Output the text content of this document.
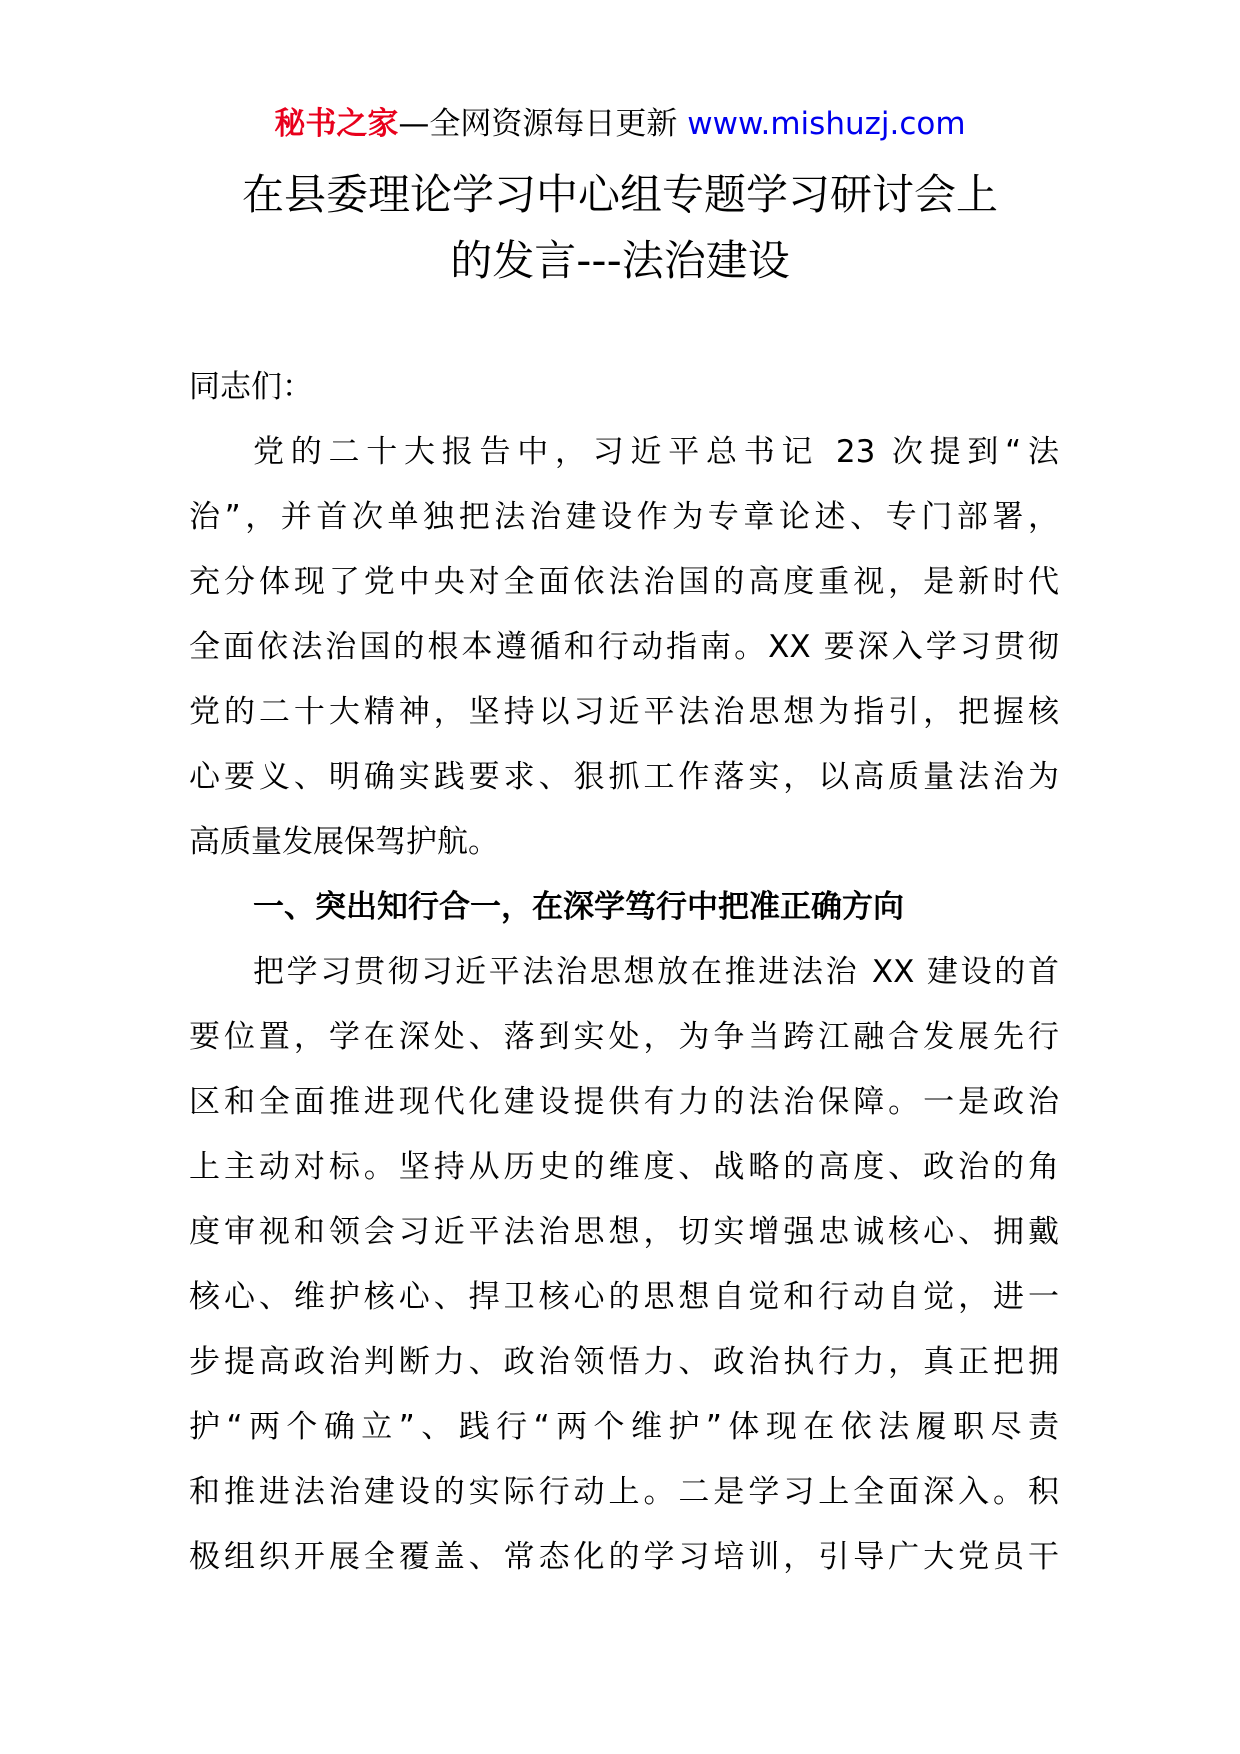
秘书之家—全网资源每日更新 www.mishuzj.com
在县委理论学习中心组专题学习研讨会上
的发言---法治建设
同志们：
党的二十大报告中，习近平总书记 23 次提到“法
治”，并首次单独把法治建设作为专章论述、专门部署，
充分体现了党中央对全面依法治国的高度重视，是新时代
全面依法治国的根本遵循和行动指南。XX 要深入学习贯彻
党的二十大精神，坚持以习近平法治思想为指引，把握核
心要义、明确实践要求、狠抓工作落实，以高质量法治为
高质量发展保驾护航。
一、突出知行合一，在深学笃行中把准正确方向
把学习贯彻习近平法治思想放在推进法治 XX 建设的首
要位置，学在深处、落到实处，为争当跨江融合发展先行
区和全面推进现代化建设提供有力的法治保障。一是政治
上主动对标。坚持从历史的维度、战略的高度、政治的角
度审视和领会习近平法治思想，切实增强忠诚核心、拥戴
核心、维护核心、捍卫核心的思想自觉和行动自觉，进一
步提高政治判断力、政治领悟力、政治执行力，真正把拥
护“两个确立”、践行“两个维护”体现在依法履职尽责
和推进法治建设的实际行动上。二是学习上全面深入。积
极组织开展全覆盖、常态化的学习培训，引导广大党员干
